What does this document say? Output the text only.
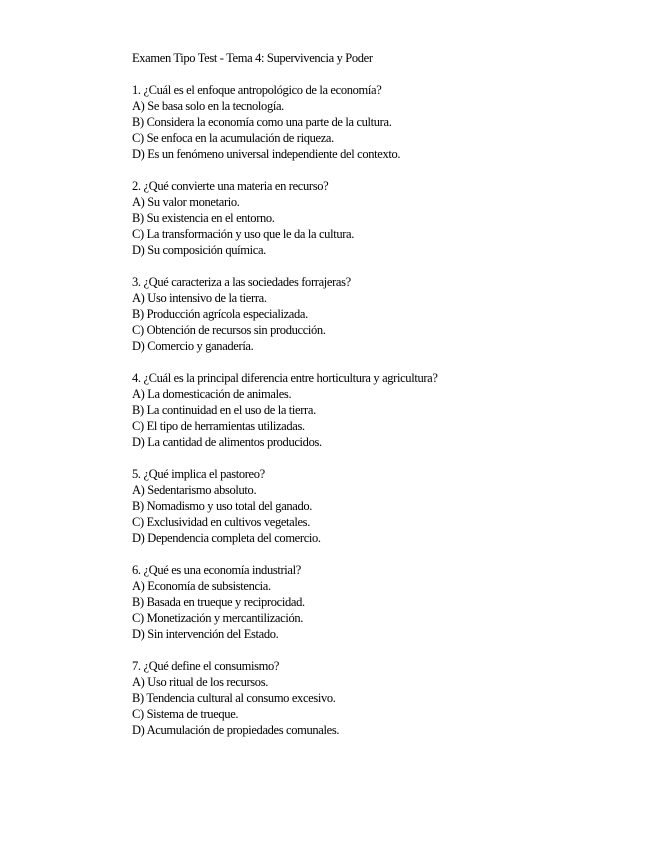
Examen Tipo Test - Tema 4: Supervivencia y Poder
1. ¿Cuál es el enfoque antropológico de la economía?
A) Se basa solo en la tecnología.
B) Considera la economía como una parte de la cultura.
C) Se enfoca en la acumulación de riqueza.
D) Es un fenómeno universal independiente del contexto.
2. ¿Qué convierte una materia en recurso?
A) Su valor monetario.
B) Su existencia en el entorno.
C) La transformación y uso que le da la cultura.
D) Su composición química.
3. ¿Qué caracteriza a las sociedades forrajeras?
A) Uso intensivo de la tierra.
B) Producción agrícola especializada.
C) Obtención de recursos sin producción.
D) Comercio y ganadería.
4. ¿Cuál es la principal diferencia entre horticultura y agricultura?
A) La domesticación de animales.
B) La continuidad en el uso de la tierra.
C) El tipo de herramientas utilizadas.
D) La cantidad de alimentos producidos.
5. ¿Qué implica el pastoreo?
A) Sedentarismo absoluto.
B) Nomadismo y uso total del ganado.
C) Exclusividad en cultivos vegetales.
D) Dependencia completa del comercio.
6. ¿Qué es una economía industrial?
A) Economía de subsistencia.
B) Basada en trueque y reciprocidad.
C) Monetización y mercantilización.
D) Sin intervención del Estado.
7. ¿Qué define el consumismo?
A) Uso ritual de los recursos.
B) Tendencia cultural al consumo excesivo.
C) Sistema de trueque.
D) Acumulación de propiedades comunales.
